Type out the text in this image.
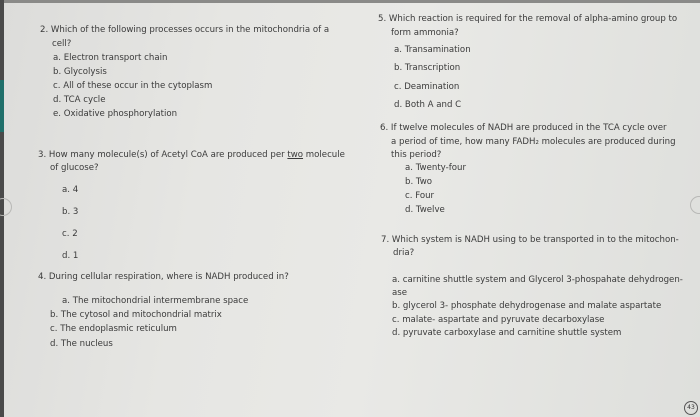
2. Which of the following processes occurs in the mitochondria of a
cell?
a. Electron transport chain
b. Glycolysis
c. All of these occur in the cytoplasm
d. TCA cycle
e. Oxidative phosphorylation
3. How many molecule(s) of Acetyl CoA are produced per two molecule
of glucose?
a. 4
b. 3
c. 2
d. 1
4. During cellular respiration, where is NADH produced in?
a. The mitochondrial intermembrane space
b. The cytosol and mitochondrial matrix
c. The endoplasmic reticulum
d. The nucleus
5. Which reaction is required for the removal of alpha-amino group to
form ammonia?
a. Transamination
b. Transcription
c. Deamination
d. Both A and C
6. If twelve molecules of NADH are produced in the TCA cycle over
a period of time, how many FADH₂ molecules are produced during
this period?
a. Twenty-four
b. Two
c. Four
d. Twelve
7. Which system is NADH using to be transported in to the mitochon-
dria?
a. carnitine shuttle system and Glycerol 3-phospahate dehydrogen-
ase
b. glycerol 3- phosphate dehydrogenase and malate aspartate
c. malate- aspartate and pyruvate decarboxylase
d. pyruvate carboxylase and carnitine shuttle system
43
